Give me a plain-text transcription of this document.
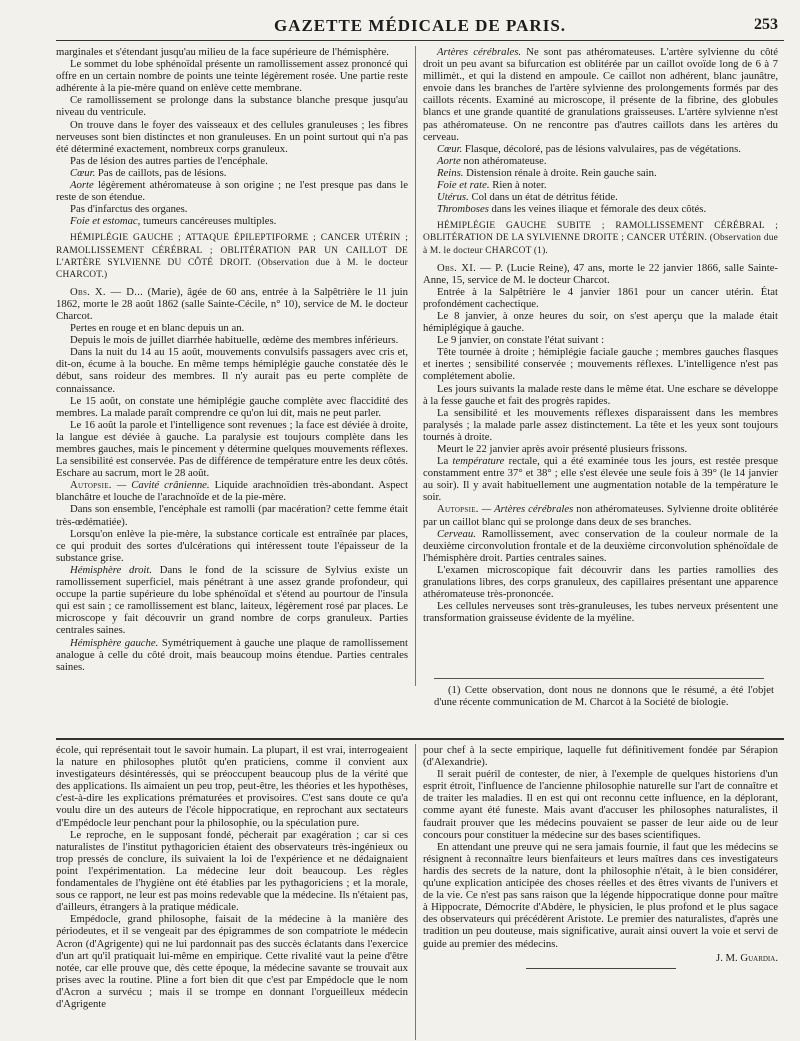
GAZETTE MÉDICALE DE PARIS.	253

marginales et s'étendant jusqu'au milieu de la face supérieure de l'hémisphère.

Le sommet du lobe sphénoïdal présente un ramollissement assez prononcé qui offre en un certain nombre de points une teinte légèrement rosée. Une partie reste adhérente à la pie-mère quand on enlève cette membrane.

Ce ramollissement se prolonge dans la substance blanche presque jusqu'au niveau du ventricule.

On trouve dans le foyer des vaisseaux et des cellules granuleuses ; les fibres nerveuses sont bien distinctes et non granuleuses. En un point surtout qui n'a pas été déterminé exactement, nombreux corps granuleux.

Pas de lésion des autres parties de l'encéphale.

Cœur. Pas de caillots, pas de lésions.

Aorte légèrement athéromateuse à son origine ; ne l'est presque pas dans le reste de son étendue.

Pas d'infarctus des organes.

Foie et estomac, tumeurs cancéreuses multiples.

HÉMIPLÉGIE GAUCHE ; ATTAQUE ÉPILEPTIFORME ; CANCER UTÉRIN ; RAMOLLISSEMENT CÉRÉBRAL ; OBLITÉRATION PAR UN CAILLOT DE L'ARTÈRE SYLVIENNE DU CÔTÉ DROIT. (Observation due à M. le docteur CHARCOT.)

Obs. X. — D... (Marie), âgée de 60 ans, entrée à la Salpêtrière le 11 juin 1862, morte le 28 août 1862 (salle Sainte-Cécile, n° 10), service de M. le docteur Charcot.

Pertes en rouge et en blanc depuis un an.

Depuis le mois de juillet diarrhée habituelle, œdème des membres inférieurs.

Dans la nuit du 14 au 15 août, mouvements convulsifs passagers avec cris et, dit-on, écume à la bouche. En même temps hémiplégie gauche constatée dès le début, sans roideur des membres. Il n'y aurait pas eu perte complète de connaissance.

Le 15 août, on constate une hémiplégie gauche complète avec flaccidité des membres. La malade paraît comprendre ce qu'on lui dit, mais ne peut parler.

Le 16 août la parole et l'intelligence sont revenues ; la face est déviée à droite, la langue est déviée à gauche. La paralysie est toujours complète dans les membres gauches, mais le pincement y détermine quelques mouvements réflexes. La sensibilité est conservée. Pas de différence de température entre les deux côtés. Eschare au sacrum, mort le 28 août.

Autopsie. — Cavité crânienne. Liquide arachnoïdien très-abondant. Aspect blanchâtre et louche de l'arachnoïde et de la pie-mère.

Dans son ensemble, l'encéphale est ramolli (par macération? cette femme était très-œdématiée).

Lorsqu'on enlève la pie-mère, la substance corticale est entraînée par places, ce qui produit des sortes d'ulcérations qui intéressent toute l'épaisseur de la substance grise.

Hémisphère droit. Dans le fond de la scissure de Sylvius existe un ramollissement superficiel, mais pénétrant à une assez grande profondeur, qui occupe la partie supérieure du lobe sphénoïdal et s'étend au pourtour de l'insula qui est sain ; ce ramollissement est blanc, laiteux, légèrement rosé par places. Le microscope y fait découvrir un grand nombre de corps granuleux. Parties centrales saines.

Hémisphère gauche. Symétriquement à gauche une plaque de ramollissement analogue à celle du côté droit, mais beaucoup moins étendue. Parties centrales saines.

Artères cérébrales. Ne sont pas athéromateuses. L'artère sylvienne du côté droit un peu avant sa bifurcation est oblitérée par un caillot ovoïde long de 6 à 7 millimèt., et qui la distend en ampoule. Ce caillot non adhérent, blanc jaunâtre, envoie dans les branches de l'artère sylvienne des prolongements formés par des caillots récents. Examiné au microscope, il présente de la fibrine, des globules blancs et une grande quantité de granulations graisseuses. L'artère sylvienne n'est pas athéromateuse. On ne rencontre pas d'autres caillots dans les artères du cerveau.

Cœur. Flasque, décoloré, pas de lésions valvulaires, pas de végétations.

Aorte non athéromateuse.

Reins. Distension rénale à droite. Rein gauche sain.

Foie et rate. Rien à noter.

Utérus. Col dans un état de détritus fétide.

Thromboses dans les veines iliaque et fémorale des deux côtés.

HÉMIPLÉGIE GAUCHE SUBITE ; RAMOLLISSEMENT CÉRÉBRAL ; OBLITÉRATION DE LA SYLVIENNE DROITE ; CANCER UTÉRIN. (Observation due à M. le docteur CHARCOT (1).

Obs. XI. — P. (Lucie Reine), 47 ans, morte le 22 janvier 1866, salle Sainte-Anne, 15, service de M. le docteur Charcot.

Entrée à la Salpêtrière le 4 janvier 1861 pour un cancer utérin. État profondément cachectique.

Le 8 janvier, à onze heures du soir, on s'est aperçu que la malade était hémiplégique à gauche.

Le 9 janvier, on constate l'état suivant :

Tête tournée à droite ; hémiplégie faciale gauche ; membres gauches flasques et inertes ; sensibilité conservée ; mouvements réflexes. L'intelligence n'est pas complétement abolie.

Les jours suivants la malade reste dans le même état. Une eschare se développe à la fesse gauche et fait des progrès rapides.

La sensibilité et les mouvements réflexes disparaissent dans les membres paralysés ; la malade parle assez distinctement. La tête et les yeux sont toujours tournés à droite.

Meurt le 22 janvier après avoir présenté plusieurs frissons.

La température rectale, qui a été examinée tous les jours, est restée presque constamment entre 37° et 38° ; elle s'est élevée une seule fois à 39° (le 14 janvier au soir). Il y avait habituellement une augmentation notable de la température le soir.

Autopsie. — Artères cérébrales non athéromateuses. Sylvienne droite oblitérée par un caillot blanc qui se prolonge dans deux de ses branches.

Cerveau. Ramollissement, avec conservation de la couleur normale de la deuxième circonvolution frontale et de la deuxième circonvolution sphénoïdale de l'hémisphère droit. Parties centrales saines.

L'examen microscopique fait découvrir dans les parties ramollies des granulations libres, des corps granuleux, des capillaires présentant une apparence athéromateuse très-prononcée.

Les cellules nerveuses sont très-granuleuses, les tubes nerveux présentent une transformation graisseuse évidente de la myéline.

(1) Cette observation, dont nous ne donnons que le résumé, a été l'objet d'une récente communication de M. Charcot à la Société de biologie.

école, qui représentait tout le savoir humain. La plupart, il est vrai, interrogeaient la nature en philosophes plutôt qu'en praticiens, comme il convient aux investigateurs désintéressés, qui se préoccupent beaucoup plus de la vérité que des applications. Ils aimaient un peu trop, peut-être, les théories et les hypothèses, c'est-à-dire les explications prématurées et provisoires. C'est sans doute ce qu'a voulu dire un des auteurs de l'école hippocratique, en reprochant aux sectateurs d'Empédocle leur penchant pour la philosophie, ou la spéculation pure.

Le reproche, en le supposant fondé, pécherait par exagération ; car si ces naturalistes de l'institut pythagoricien étaient des observateurs très-ingénieux ou trop pressés de conclure, ils suivaient la loi de l'expérience et ne dédaignaient point l'expérimentation. La médecine leur doit beaucoup. Les règles fondamentales de l'hygiène ont été établies par les pythagoriciens ; et la morale, sous ce rapport, ne leur est pas moins redevable que la médecine. Ils n'étaient pas, d'ailleurs, étrangers à la pratique médicale.

Empédocle, grand philosophe, faisait de la médecine à la manière des périodeutes, et il se vengeait par des épigrammes de son compatriote le médecin Acron (d'Agrigente) qui ne lui pardonnait pas des succès éclatants dans l'exercice d'un art qu'il pratiquait lui-même en empirique. Cette rivalité vaut la peine d'être notée, car elle prouve que, dès cette époque, la médecine savante se trouvait aux prises avec la routine. Pline a fort bien dit que c'est par Empédocle que le nom d'Acron a survécu ; mais il se trompe en donnant l'orgueilleux médecin d'Agrigente

pour chef à la secte empirique, laquelle fut définitivement fondée par Sérapion (d'Alexandrie).

Il serait puéril de contester, de nier, à l'exemple de quelques historiens d'un esprit étroit, l'influence de l'ancienne philosophie naturelle sur l'art de connaître et de traiter les maladies. Il en est qui ont reconnu cette influence, en la déplorant, comme ayant été funeste. Mais avant d'accuser les philosophes naturalistes, il faudrait prouver que les médecins pouvaient se passer de leur aide ou de leur concours pour constituer la médecine sur des bases scientifiques.

En attendant une preuve qui ne sera jamais fournie, il faut que les médecins se résignent à reconnaître leurs bienfaiteurs et leurs maîtres dans ces investigateurs hardis des secrets de la nature, dont la philosophie n'était, à le bien considérer, qu'une explication anticipée des choses réelles et des êtres vivants de l'univers et de la vie. Ce n'est pas sans raison que la légende hippocratique donne pour maître à Hippocrate, Démocrite d'Abdère, le physicien, le plus profond et le plus sagace des observateurs qui précédèrent Aristote. Le premier des naturalistes, d'après une tradition un peu douteuse, mais significative, aurait ainsi ouvert la voie et servi de guide au premier des médecins.

J. M. Guardia.
